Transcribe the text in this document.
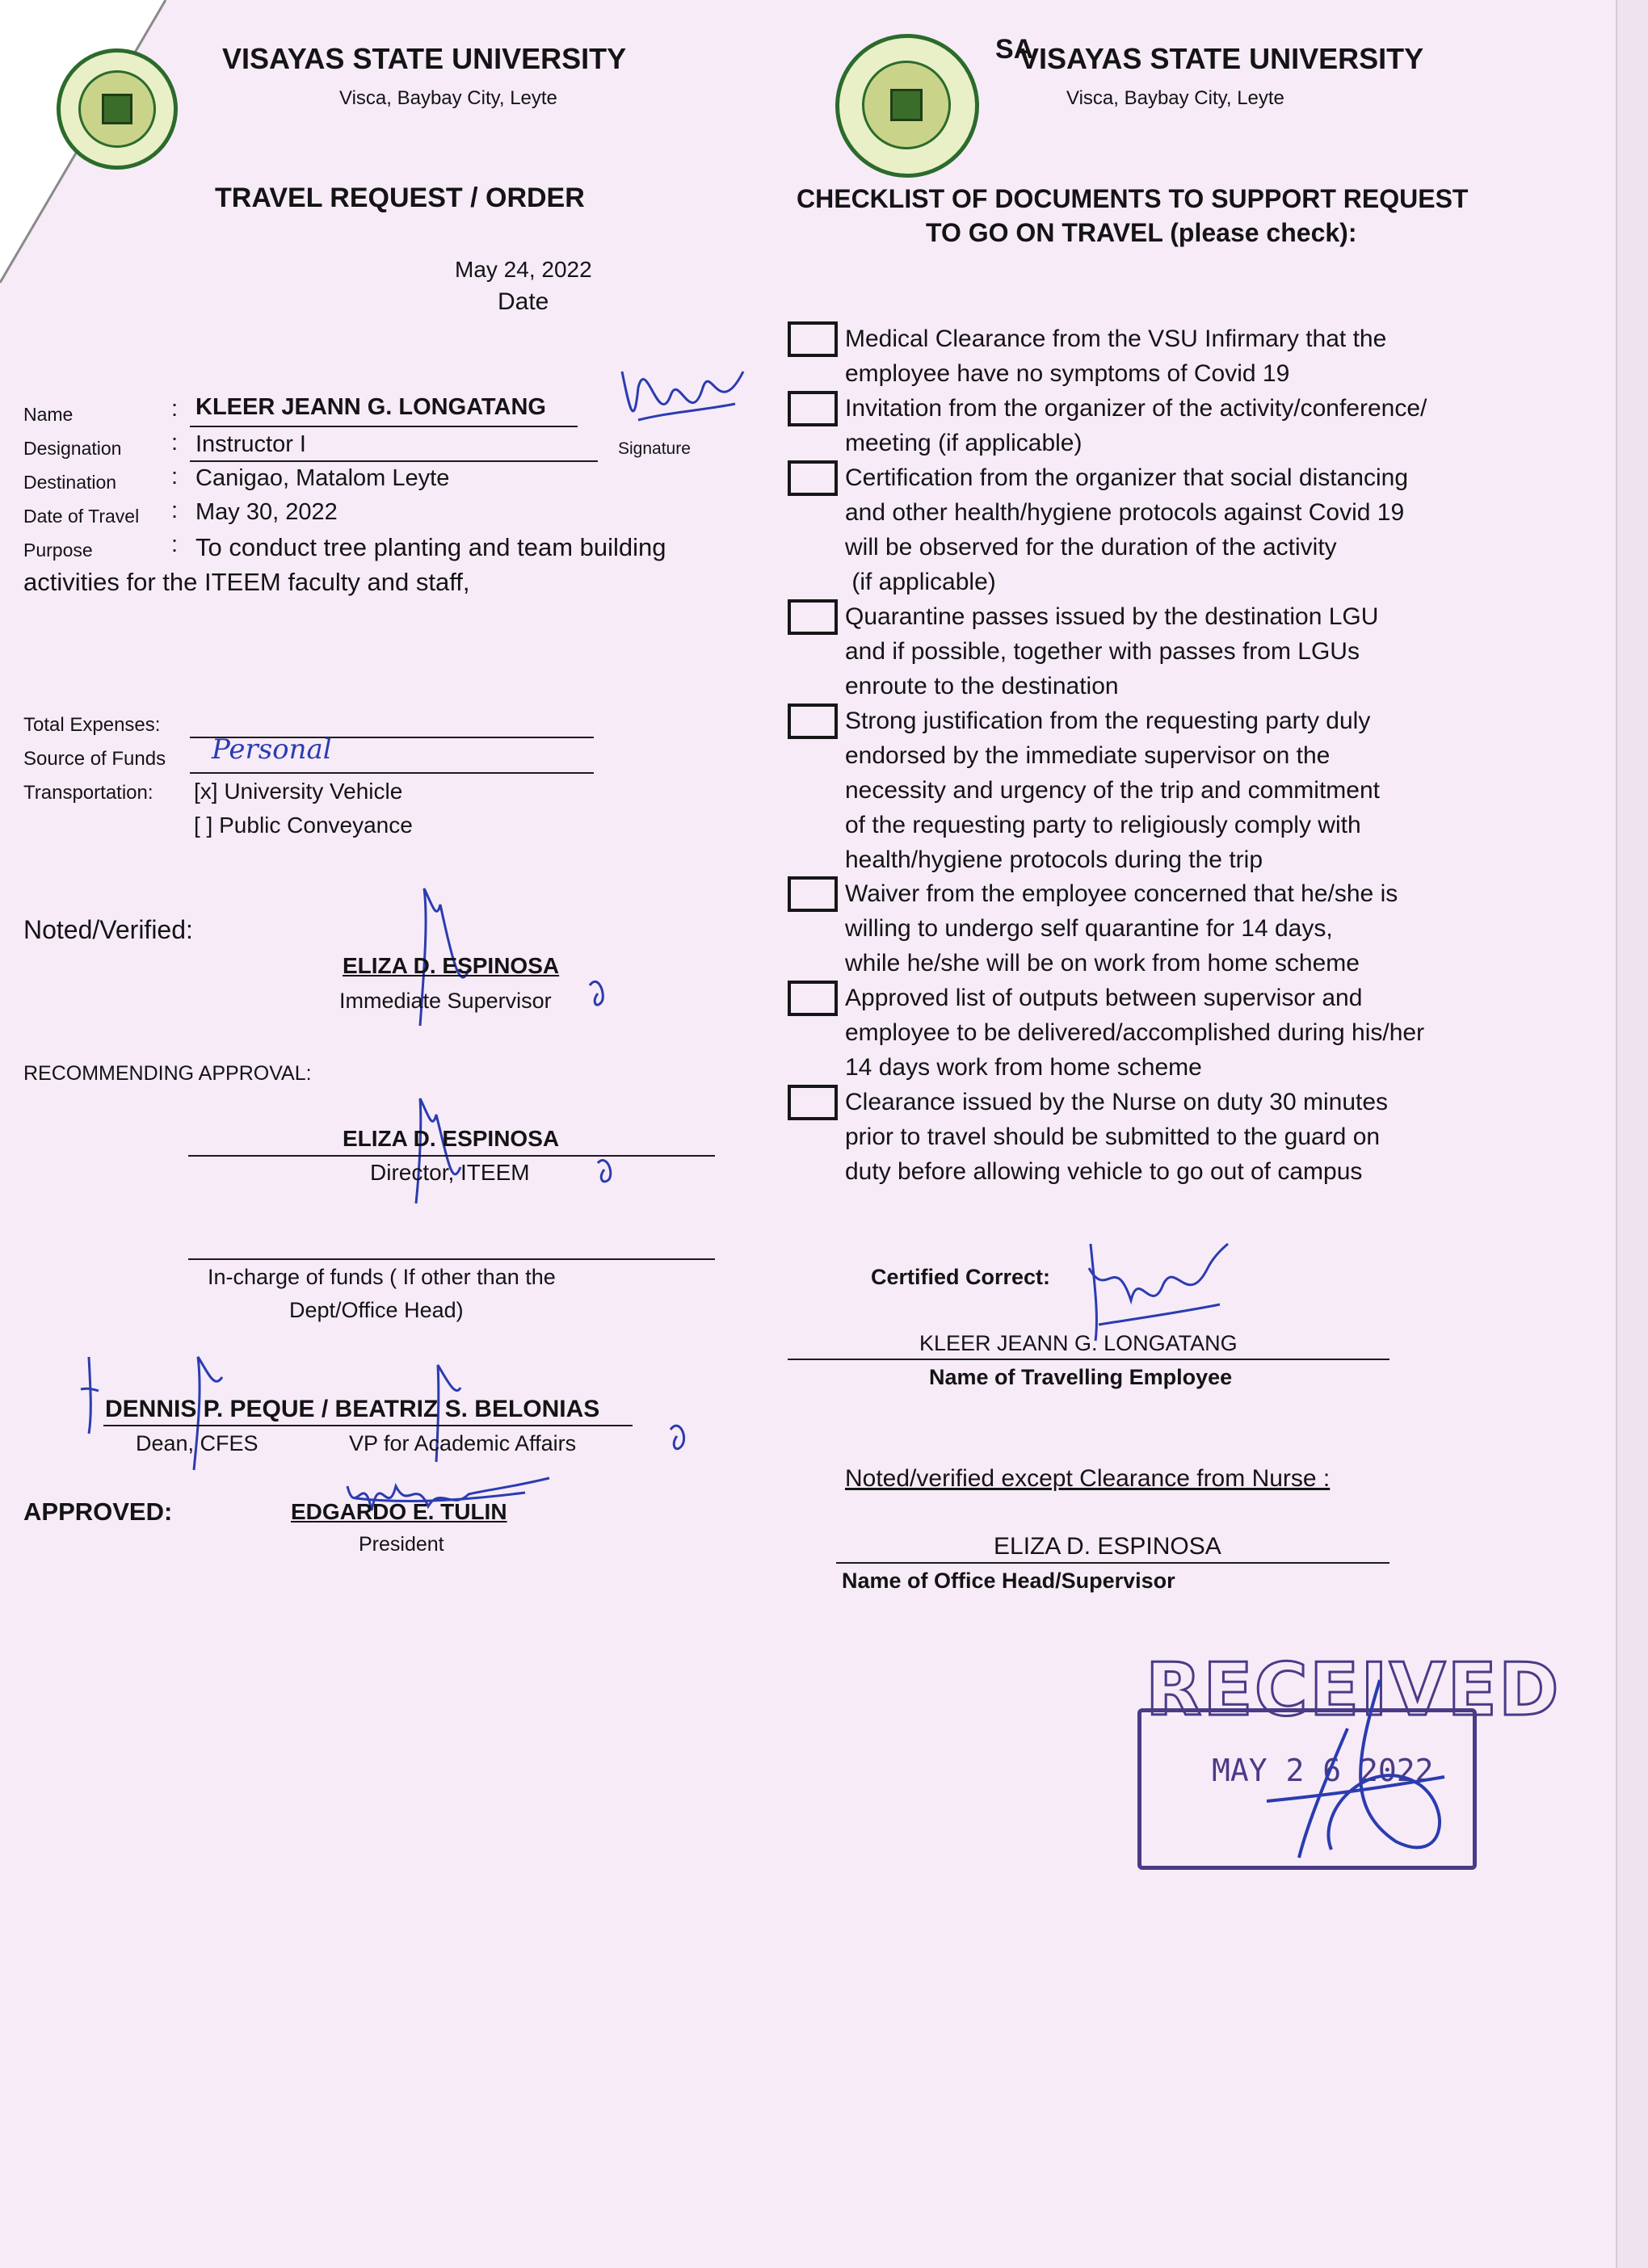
VISAYAS STATE UNIVERSITY
Visca, Baybay City, Leyte
TRAVEL REQUEST / ORDER
May 24, 2022
Date
Name	: KLEER JEANN G. LONGATANG
Signature
Designation : Instructor I
Destination : Canigao, Matalom Leyte
Date of Travel : May 30, 2022
Purpose	: To conduct tree planting and team building
activities for the ITEEM faculty and staff,
Total Expenses:
Source of Funds Personal
Transportation: [x] University Vehicle
[ ] Public Conveyance
Noted/Verified:
ELIZA D. ESPINOSA
Immediate Supervisor
RECOMMENDING APPROVAL:
ELIZA D. ESPINOSA
Director, ITEEM
In-charge of funds ( If other than the
Dept/Office Head)
DENNIS P. PEQUE / BEATRIZ S. BELONIAS
Dean, CFES	VP for Academic Affairs
APPROVED:	EDGARDO E. TULIN
President
SA
VISAYAS STATE UNIVERSITY
Visca, Baybay City, Leyte
CHECKLIST OF DOCUMENTS TO SUPPORT REQUEST
TO GO ON TRAVEL (please check):
Medical Clearance from the VSU Infirmary that the
employee have no symptoms of Covid 19
Invitation from the organizer of the activity/conference/
meeting (if applicable)
Certification from the organizer that social distancing
and other health/hygiene protocols against Covid 19
will be observed for the duration of the activity
(if applicable)
Quarantine passes issued by the destination LGU
and if possible, together with passes from LGUs
enroute to the destination
Strong justification from the requesting party duly
endorsed by the immediate supervisor on the
necessity and urgency of the trip and commitment
of the requesting party to religiously comply with
health/hygiene protocols during the trip
Waiver from the employee concerned that he/she is
willing to undergo self quarantine for 14 days,
while he/she will be on work from home scheme
Approved list of outputs between supervisor and
employee to be delivered/accomplished during his/her
14 days work from home scheme
Clearance issued by the Nurse on duty 30 minutes
prior to travel should be submitted to the guard on
duty before allowing vehicle to go out of campus
Certified Correct:
KLEER JEANN G. LONGATANG
Name of Travelling Employee
Noted/verified except Clearance from Nurse :
ELIZA D. ESPINOSA
Name of Office Head/Supervisor
RECEIVED
MAY 2 6 2022
